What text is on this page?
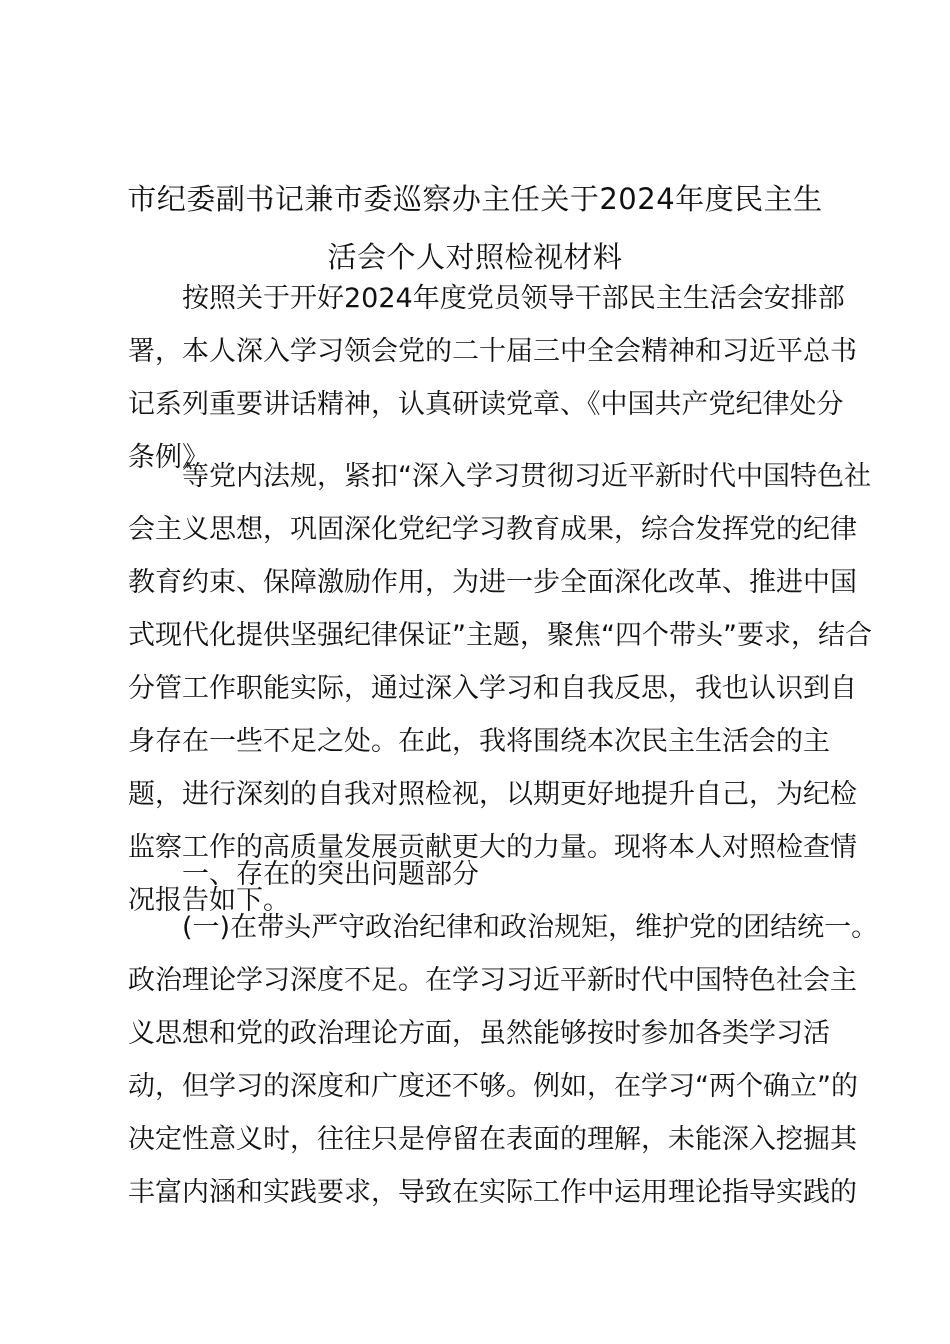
市纪委副书记兼市委巡察办主任关于2024年度民主生
活会个人对照检视材料
按照关于开好2024年度党员领导干部民主生活会安排部
署，本人深入学习领会党的二十届三中全会精神和习近平总书
记系列重要讲话精神，认真研读党章、《中国共产党纪律处分
条例》
等党内法规，紧扣“深入学习贯彻习近平新时代中国特色社
会主义思想，巩固深化党纪学习教育成果，综合发挥党的纪律
教育约束、保障激励作用，为进一步全面深化改革、推进中国
式现代化提供坚强纪律保证”主题，聚焦“四个带头”要求，结合
分管工作职能实际，通过深入学习和自我反思，我也认识到自
身存在一些不足之处。在此，我将围绕本次民主生活会的主
题，进行深刻的自我对照检视，以期更好地提升自己，为纪检
监察工作的高质量发展贡献更大的力量。现将本人对照检查情
况报告如下。
一、存在的突出问题部分
(一)在带头严守政治纪律和政治规矩，维护党的团结统一。
政治理论学习深度不足。在学习习近平新时代中国特色社会主
义思想和党的政治理论方面，虽然能够按时参加各类学习活
动，但学习的深度和广度还不够。例如，在学习“两个确立”的
决定性意义时，往往只是停留在表面的理解，未能深入挖掘其
丰富内涵和实践要求，导致在实际工作中运用理论指导实践的
